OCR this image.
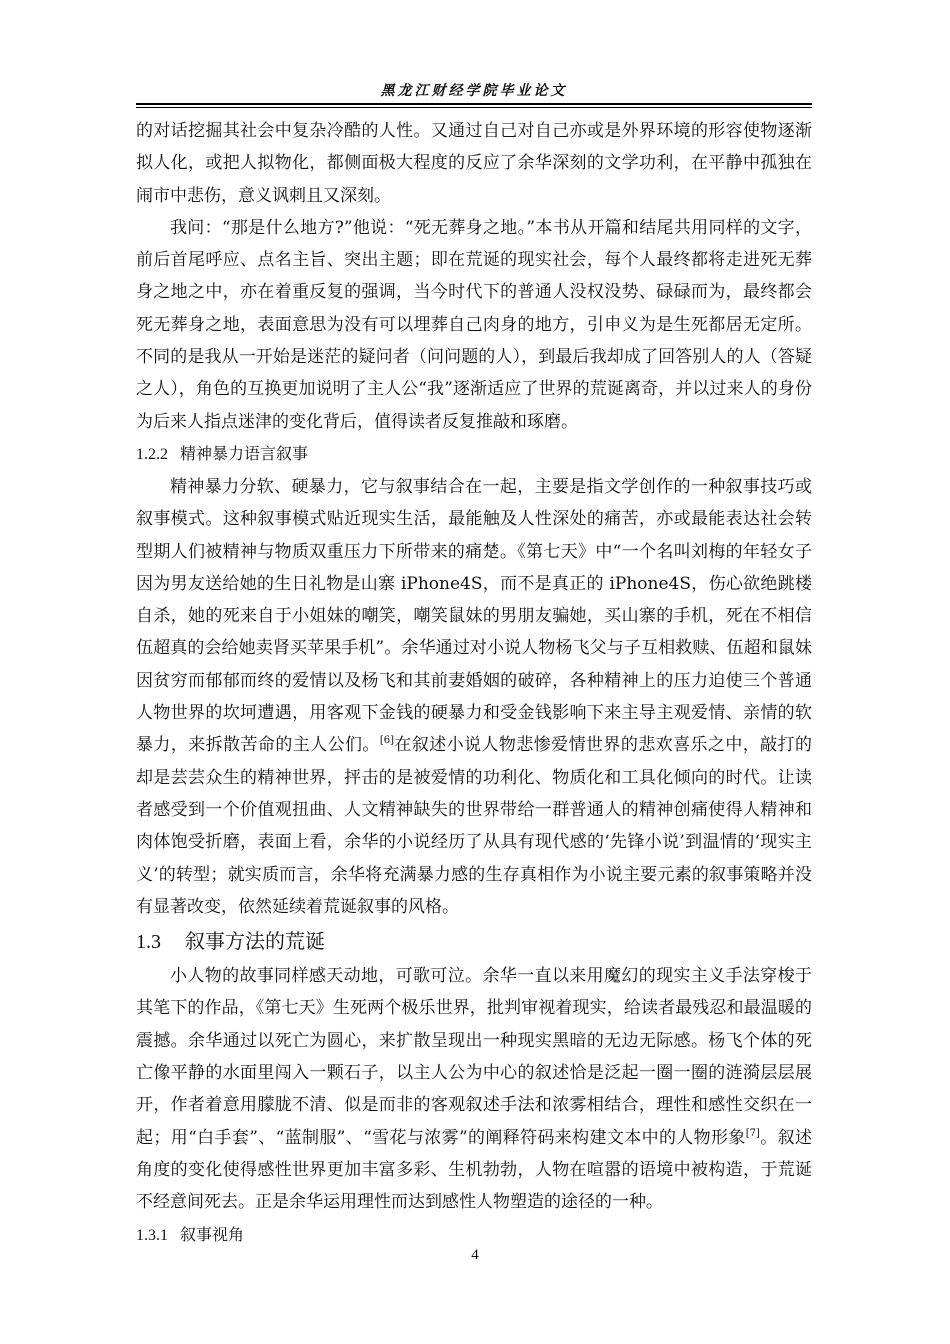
黑龙江财经学院毕业论文

的对话挖掘其社会中复杂冷酷的人性。又通过自己对自己亦或是外界环境的形容使物逐渐拟人化，或把人拟物化，都侧面极大程度的反应了余华深刻的文学功利，在平静中孤独在闹市中悲伤，意义讽刺且又深刻。

我问：“那是什么地方?”他说：“死无葬身之地。”本书从开篇和结尾共用同样的文字，前后首尾呼应、点名主旨、突出主题；即在荒诞的现实社会，每个人最终都将走进死无葬身之地之中，亦在着重反复的强调，当今时代下的普通人没权没势、碌碌而为，最终都会死无葬身之地，表面意思为没有可以埋葬自己肉身的地方，引申义为是生死都居无定所。不同的是我从一开始是迷茫的疑问者（问问题的人），到最后我却成了回答别人的人（答疑之人），角色的互换更加说明了主人公“我”逐渐适应了世界的荒诞离奇，并以过来人的身份为后来人指点迷津的变化背后，值得读者反复推敲和琢磨。

1.2.2 精神暴力语言叙事

精神暴力分软、硬暴力，它与叙事结合在一起，主要是指文学创作的一种叙事技巧或叙事模式。这种叙事模式贴近现实生活，最能触及人性深处的痛苦，亦或最能表达社会转型期人们被精神与物质双重压力下所带来的痛楚。《第七天》中“一个名叫刘梅的年轻女子因为男友送给她的生日礼物是山寨 iPhone4S，而不是真正的 iPhone4S，伤心欲绝跳楼自杀，她的死来自于小姐妹的嘲笑，嘲笑鼠妹的男朋友骗她，买山寨的手机，死在不相信伍超真的会给她卖肾买苹果手机”。余华通过对小说人物杨飞父与子互相救赎、伍超和鼠妹因贫穷而郁郁而终的爱情以及杨飞和其前妻婚姻的破碎，各种精神上的压力迫使三个普通人物世界的坎坷遭遇，用客观下金钱的硬暴力和受金钱影响下来主导主观爱情、亲情的软暴力，来拆散苦命的主人公们。[6]在叙述小说人物悲惨爱情世界的悲欢喜乐之中，敲打的却是芸芸众生的精神世界，抨击的是被爱情的功利化、物质化和工具化倾向的时代。让读者感受到一个价值观扭曲、人文精神缺失的世界带给一群普通人的精神创痛使得人精神和肉体饱受折磨，表面上看，余华的小说经历了从具有现代感的‘先锋小说’到温情的‘现实主义’的转型；就实质而言，余华将充满暴力感的生存真相作为小说主要元素的叙事策略并没有显著改变，依然延续着荒诞叙事的风格。

1.3 叙事方法的荒诞

小人物的故事同样感天动地，可歌可泣。余华一直以来用魔幻的现实主义手法穿梭于其笔下的作品，《第七天》生死两个极乐世界，批判审视着现实，给读者最残忍和最温暖的震撼。余华通过以死亡为圆心，来扩散呈现出一种现实黑暗的无边无际感。杨飞个体的死亡像平静的水面里闯入一颗石子，以主人公为中心的叙述恰是泛起一圈一圈的涟漪层层展开，作者着意用朦胧不清、似是而非的客观叙述手法和浓雾相结合，理性和感性交织在一起；用“白手套”、“蓝制服”、“雪花与浓雾”的阐释符码来构建文本中的人物形象[7]。叙述角度的变化使得感性世界更加丰富多彩、生机勃勃，人物在喧嚣的语境中被构造，于荒诞不经意间死去。正是余华运用理性而达到感性人物塑造的途径的一种。

1.3.1 叙事视角
4
